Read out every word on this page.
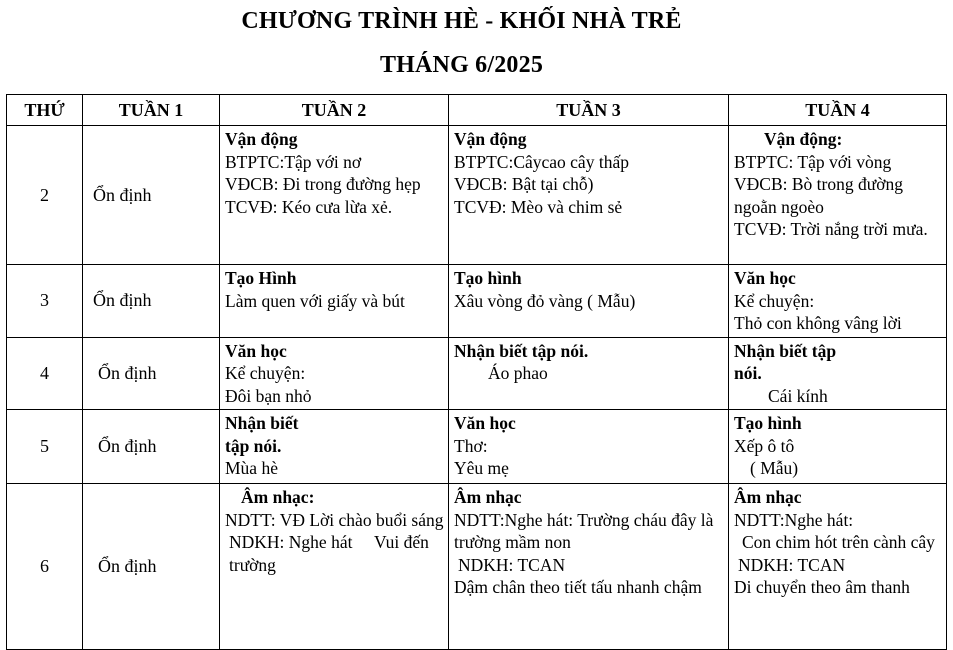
CHƯƠNG TRÌNH HÈ - KHỐI NHÀ TRẺ
THÁNG 6/2025
THỨ	TUẦN 1	TUẦN 2	TUẦN 3	TUẦN 4
2	Ổn định	Vận động
BTPTC:Tập với nơ
VĐCB: Đi trong đường hẹp
TCVĐ: Kéo cưa lừa xẻ.	Vận động
BTPTC:Câycao cây thấp
VĐCB: Bật tại chỗ)
TCVĐ: Mèo và chim sẻ	Vận động:
BTPTC: Tập với vòng
VĐCB: Bò trong đường ngoằn ngoèo
TCVĐ: Trời nắng trời mưa.

3	Ổn định	Tạo Hình
Làm quen với giấy và bút	Tạo hình
Xâu vòng đỏ vàng ( Mẫu)	Văn học
Kể chuyện:
Thỏ con không vâng lời

4	Ổn định	Văn học
Kể chuyện:
Đôi bạn nhỏ	Nhận biết tập nói.
Áo phao	Nhận biết tập nói.
Cái kính

5	Ổn định	Nhận biết tập nói.
Mùa hè	Văn học
Thơ:
Yêu mẹ	Tạo hình
Xếp ô tô
( Mẫu)

6	Ổn định	Âm nhạc:
NDTT: VĐ Lời chào buổi sáng
NDKH: Nghe hát     Vui đến trường	Âm nhạc
NDTT:Nghe hát: Trường cháu đây là trường mầm non
NDKH: TCAN
Dậm chân theo tiết tấu nhanh chậm	Âm nhạc
NDTT:Nghe hát:
Con chim hót trên cành cây
NDKH: TCAN
Di chuyển theo âm thanh
